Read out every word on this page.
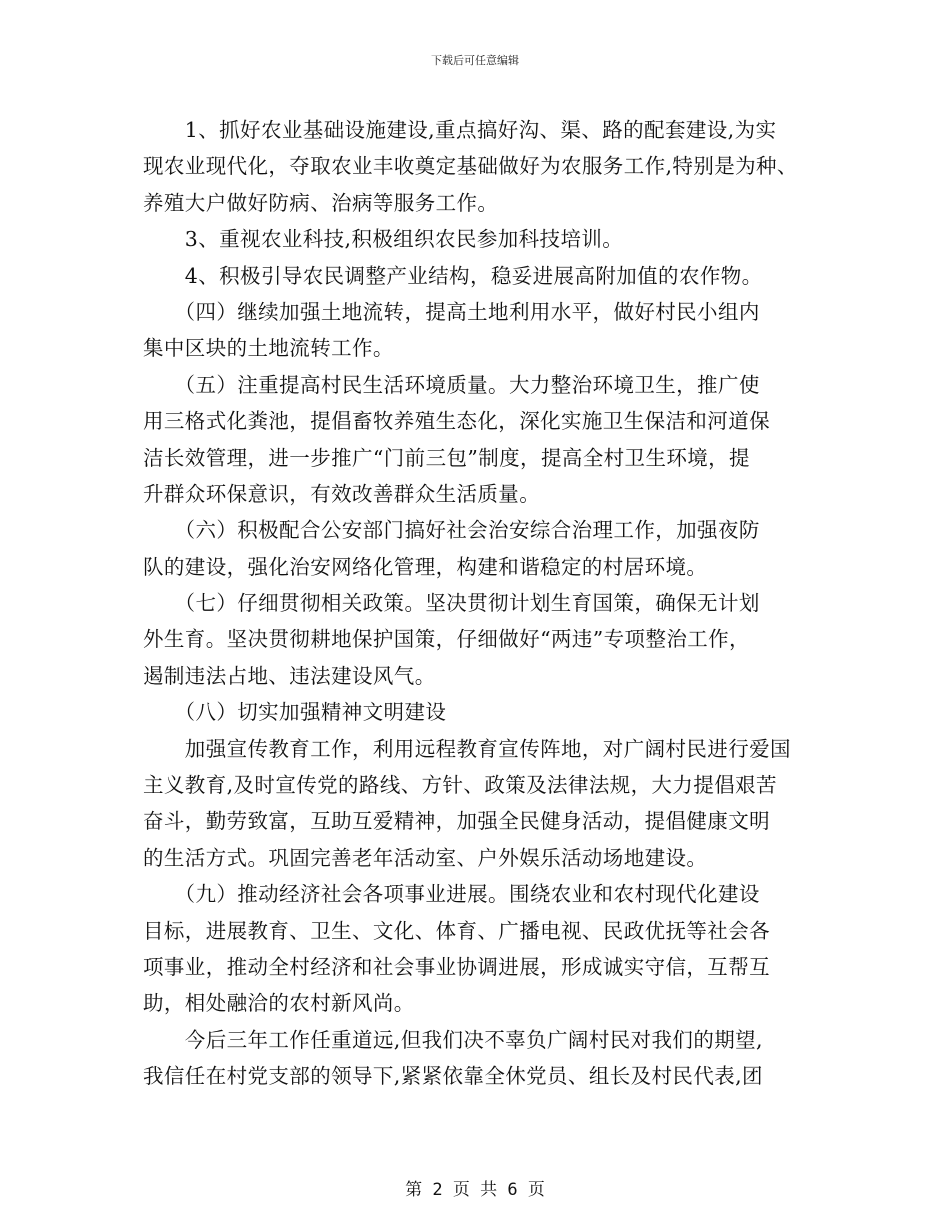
下载后可任意编辑
　　1、抓好农业基础设施建设,重点搞好沟、渠、路的配套建设,为实
现农业现代化，夺取农业丰收奠定基础做好为农服务工作,特别是为种、
养殖大户做好防病、治病等服务工作。
　　3、重视农业科技,积极组织农民参加科技培训。
　　4、积极引导农民调整产业结构，稳妥进展高附加值的农作物。
　　（四）继续加强土地流转，提高土地利用水平，做好村民小组内
集中区块的土地流转工作。
　　（五）注重提高村民生活环境质量。大力整治环境卫生，推广使
用三格式化粪池，提倡畜牧养殖生态化，深化实施卫生保洁和河道保
洁长效管理，进一步推广“门前三包”制度，提高全村卫生环境，提
升群众环保意识，有效改善群众生活质量。
　　（六）积极配合公安部门搞好社会治安综合治理工作，加强夜防
队的建设，强化治安网络化管理，构建和谐稳定的村居环境。
　　（七）仔细贯彻相关政策。坚决贯彻计划生育国策，确保无计划
外生育。坚决贯彻耕地保护国策，仔细做好“两违”专项整治工作，
遏制违法占地、违法建设风气。
　　（八）切实加强精神文明建设
　　加强宣传教育工作，利用远程教育宣传阵地，对广阔村民进行爱国
主义教育,及时宣传党的路线、方针、政策及法律法规，大力提倡艰苦
奋斗，勤劳致富，互助互爱精神，加强全民健身活动，提倡健康文明
的生活方式。巩固完善老年活动室、户外娱乐活动场地建设。
　　（九）推动经济社会各项事业进展。围绕农业和农村现代化建设
目标，进展教育、卫生、文化、体育、广播电视、民政优抚等社会各
项事业，推动全村经济和社会事业协调进展，形成诚实守信，互帮互
助，相处融洽的农村新风尚。
　　今后三年工作任重道远,但我们决不辜负广阔村民对我们的期望,
我信任在村党支部的领导下,紧紧依靠全休党员、组长及村民代表,团
第 2 页 共 6 页
